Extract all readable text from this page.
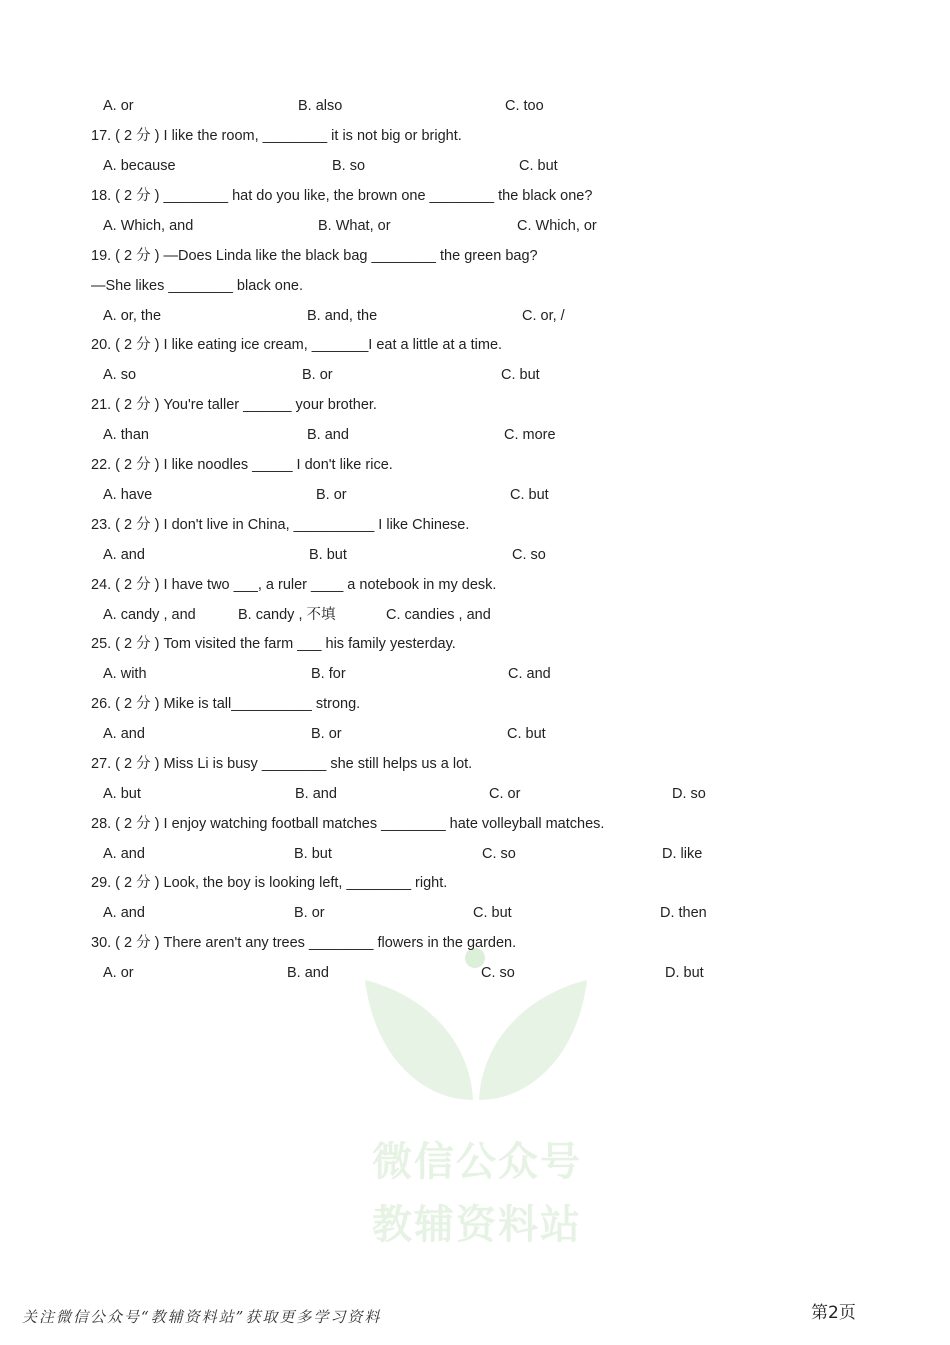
微信公众号
教辅资料站
A. or	B. also	C. too
17. ( 2 分 ) I like the room, ________ it is not big or bright.
A. because	B. so	C. but
18. ( 2 分 ) ________ hat do you like, the brown one ________ the black one?
A. Which, and	B. What, or	C. Which, or
19. ( 2 分 ) —Does Linda like the black bag ________ the green bag?
—She likes ________ black one.
A. or, the	B. and, the	C. or, /
20. ( 2 分 ) I like eating ice cream, _______I eat a little at a time.
A. so	B. or	C. but
21. ( 2 分 ) You're taller ______ your brother.
A. than	B. and	C. more
22. ( 2 分 ) I like noodles _____ I don't like rice.
A. have	B. or	C. but
23. ( 2 分 ) I don't live in China, __________ I like Chinese.
A. and	B. but	C. so
24. ( 2 分 ) I have two ___, a ruler ____ a notebook in my desk.
A. candy , and	B. candy , 不填	C. candies , and
25. ( 2 分 ) Tom visited the farm ___ his family yesterday.
A. with	B. for	C. and
26. ( 2 分 ) Mike is tall__________ strong.
A. and	B. or	C. but
27. ( 2 分 ) Miss Li is busy ________ she still helps us a lot.
A. but	B. and	C. or	D. so
28. ( 2 分 ) I enjoy watching football matches ________ hate volleyball matches.
A. and	B. but	C. so	D. like
29. ( 2 分 ) Look, the boy is looking left, ________ right.
A. and	B. or	C. but	D. then
30. ( 2 分 ) There aren't any trees ________ flowers in the garden.
A. or	B. and	C. so	D. but
关注微信公众号“教辅资料站”获取更多学习资料	第2页
